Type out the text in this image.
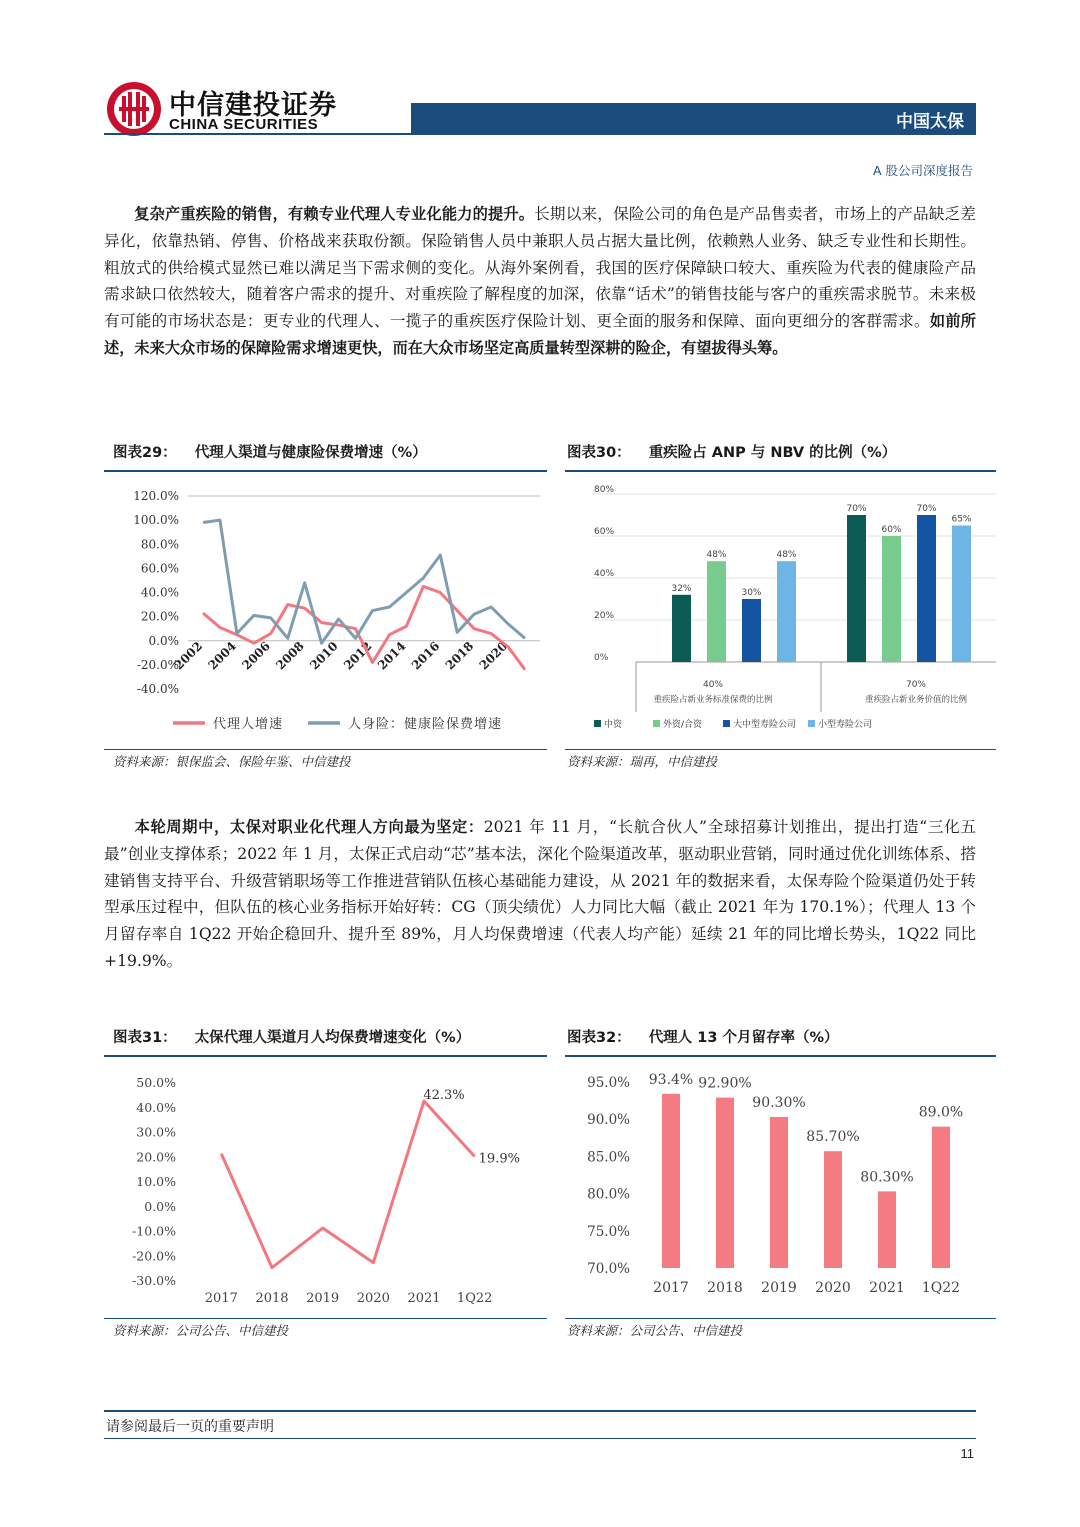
中信建投证券
CHINA SECURITIES	中国太保
A 股公司深度报告
复杂产重疾险的销售，有赖专业代理人专业化能力的提升。长期以来，保险公司的角色是产品售卖者，市场上的产品缺乏差异化，依靠热销、停售、价格战来获取份额。保险销售人员中兼职人员占据大量比例，依赖熟人业务、缺乏专业性和长期性。粗放式的供给模式显然已难以满足当下需求侧的变化。从海外案例看，我国的医疗保障缺口较大、重疾险为代表的健康险产品需求缺口依然较大，随着客户需求的提升、对重疾险了解程度的加深，依靠“话术”的销售技能与客户的重疾需求脱节。未来极有可能的市场状态是：更专业的代理人、一揽子的重疾医疗保险计划、更全面的服务和保障、面向更细分的客群需求。如前所述，未来大众市场的保障险需求增速更快，而在大众市场坚定高质量转型深耕的险企，有望拔得头筹。
图表29： 代理人渠道与健康险保费增速（%）
120.0%
100.0%
80.0%
60.0%
40.0%
20.0%
0.0%
-20.0%
-40.0%
2002 2004 2006 2008 2010 2012 2014 2016 2018 2020
代理人增速	人身险：健康险保费增速
资料来源：银保监会、保险年鉴、中信建投
图表30： 重疾险占 ANP 与 NBV 的比例（%）
80%
60%
40%
20%
0%
32%
70%
48%
60%
30%
70%
48%
65%
40%
重疾险占新业务标准保费的比例
70%
重疾险占新业务价值的比例
中资	外资/合资	大中型寿险公司 小型寿险公司
资料来源：瑞再，中信建投
本轮周期中，太保对职业化代理人方向最为坚定：2021 年 11 月，“长航合伙人”全球招募计划推出，提出打造“三化五最”创业支撑体系；2022 年 1 月，太保正式启动“芯”基本法，深化个险渠道改革，驱动职业营销，同时通过优化训练体系、搭建销售支持平台、升级营销职场等工作推进营销队伍核心基础能力建设，从 2021 年的数据来看，太保寿险个险渠道仍处于转型承压过程中，但队伍的核心业务指标开始好转：CG（顶尖绩优）人力同比大幅（截止 2021 年为 170.1%）；代理人 13 个月留存率自 1Q22 开始企稳回升、提升至 89%，月人均保费增速（代表人均产能）延续 21 年的同比增长势头，1Q22 同比+19.9%。
图表31： 太保代理人渠道月人均保费增速变化（%）
50.0%
40.0%
30.0%
20.0%
10.0%
0.0%
-10.0%
-20.0%
-30.0%
2017 2018 2019 2020 2021 1Q22
42.3%
19.9%
资料来源：公司公告、中信建投
图表32： 代理人 13 个月留存率（%）
95.0%
90.0%
85.0%
80.0%
75.0%
70.0%
93.4%
2017
92.90%
2018
90.30%
2019
85.70%
2020
80.30%
2021
89.0%
1Q22
资料来源：公司公告、中信建投
请参阅最后一页的重要声明
11
